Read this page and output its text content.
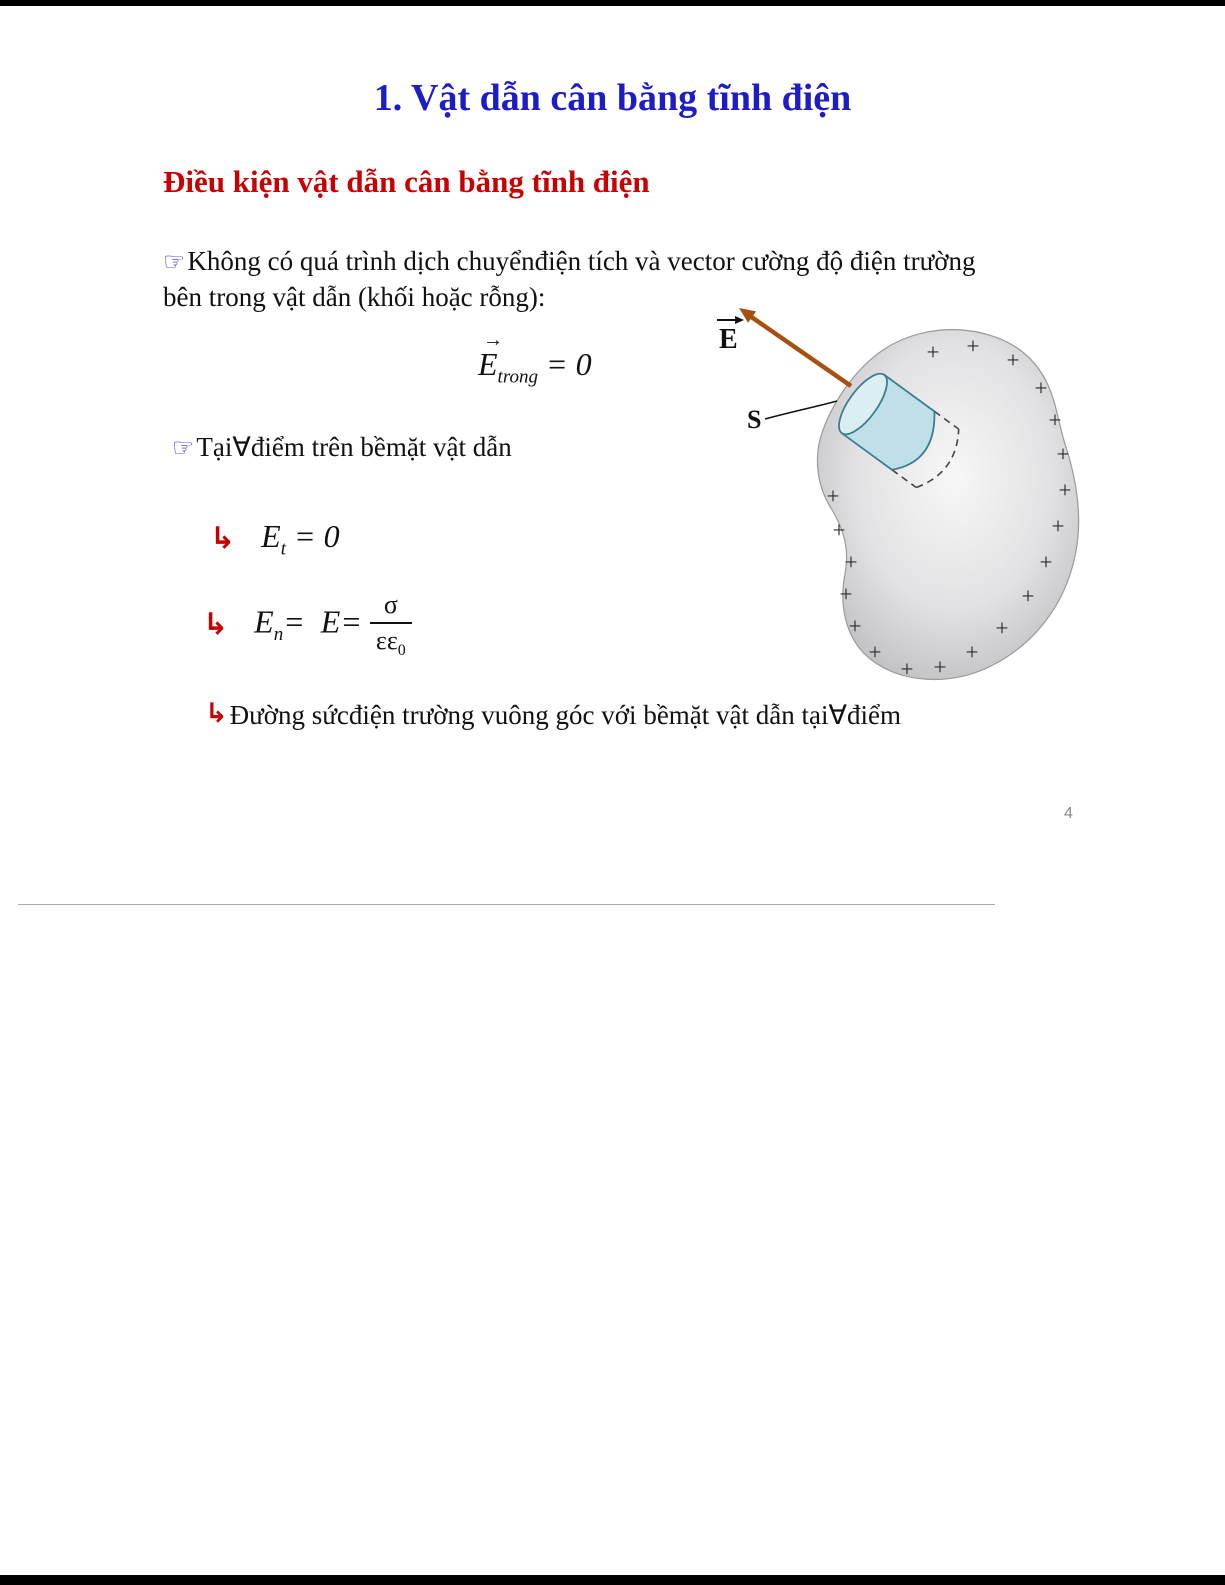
1. Vật dẫn cân bằng tĩnh điện
Điều kiện vật dẫn cân bằng tĩnh điện
☞Không có quá trình dịch chuyểnđiện tích và vector cường độ điện trường bên trong vật dẫn (khối hoặc rỗng):
→
$E_{trong} = 0$
☞Tại∀điểm trên bềmặt vật dẫn
↳ $E_t = 0$
↳ $E_n= E= \frac{\sigma}{\varepsilon\varepsilon_0}$
↳ Đường sứcđiện trường vuông góc với bềmặt vật dẫn tại∀điểm
4
+ +
+
+
+
+
+
+
+
+
+
+
+
+
+
+
+
+
+
+
E
S
